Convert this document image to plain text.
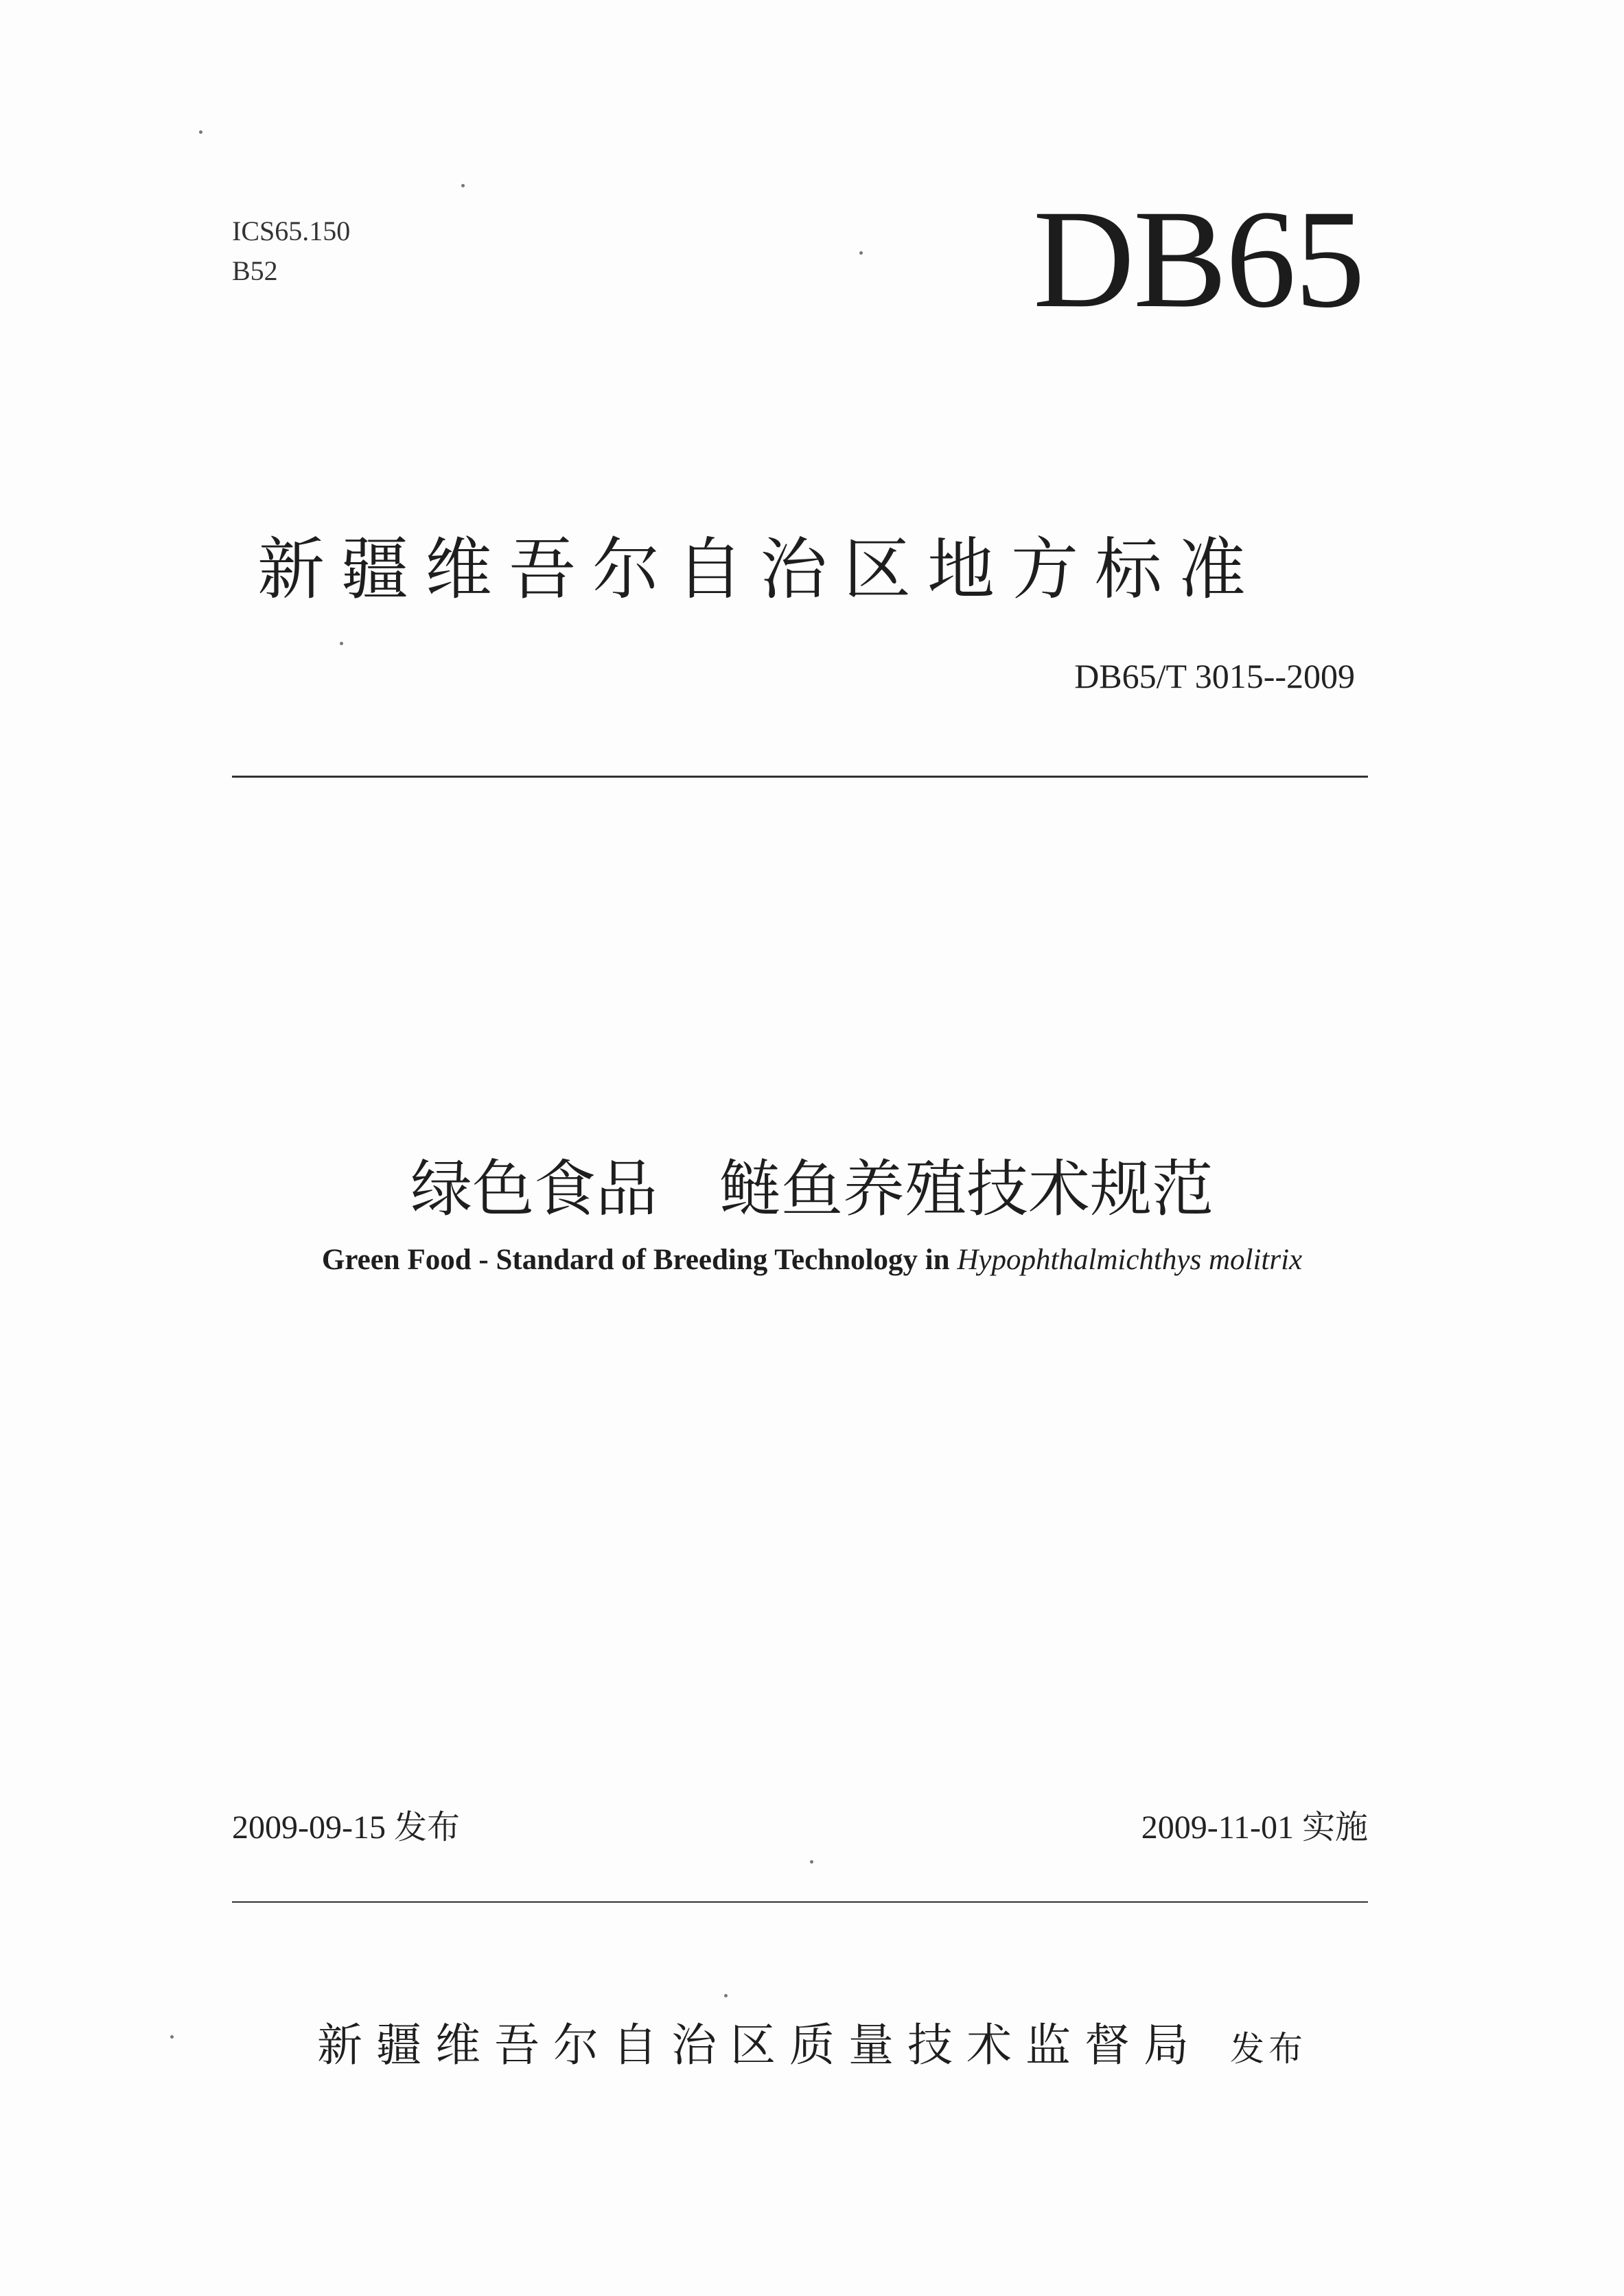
ICS65.150
B52	DB65
新疆维吾尔自治区地方标准
DB65/T 3015--2009
绿色食品　鲢鱼养殖技术规范
Green Food - Standard of Breeding Technology in Hypophthalmichthys molitrix
2009-09-15 发布	2009-11-01 实施
新疆维吾尔自治区质量技术监督局 发布
